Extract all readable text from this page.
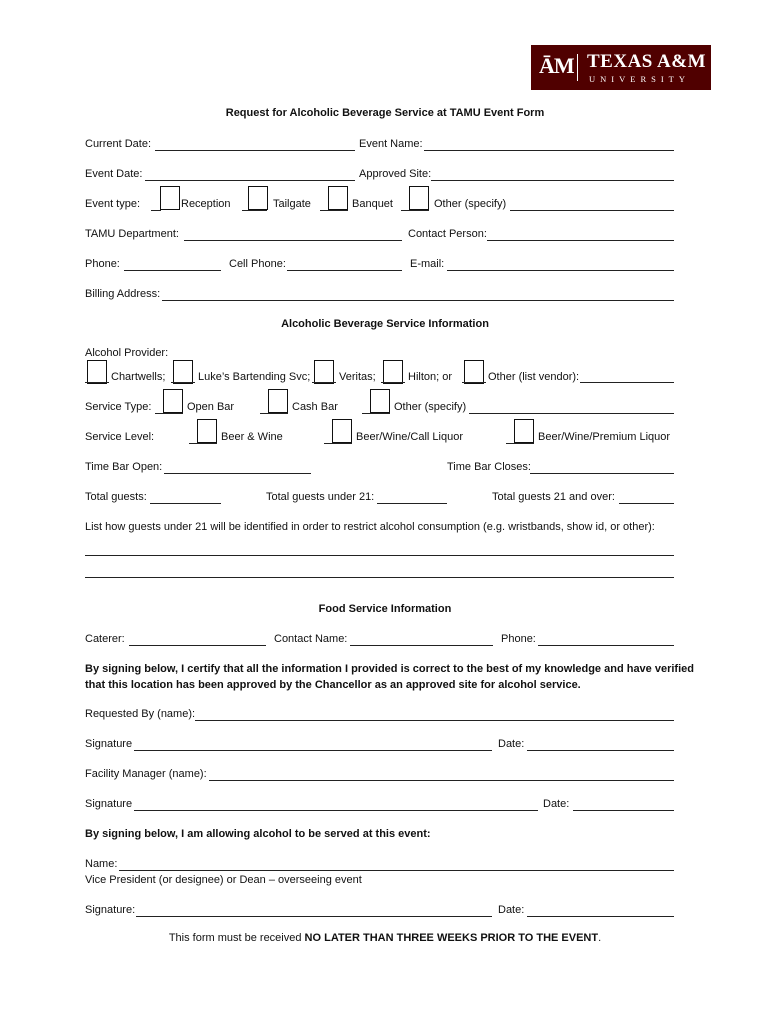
ĀM TEXAS A&M
UNIVERSITY
Request for Alcoholic Beverage Service at TAMU Event Form
Current Date:	Event Name:
Event Date:	Approved Site:
Event type:	Reception	Tailgate	Banquet	Other (specify)
TAMU Department:	Contact Person:
Phone:	Cell Phone:	E-mail:
Billing Address:
Alcoholic Beverage Service Information
Alcohol Provider:
Chartwells;	Luke’s Bartending Svc;	Veritas;	Hilton; or	Other (list vendor):
Service Type:	Open Bar	Cash Bar	Other (specify)
Service Level:	Beer & Wine	Beer/Wine/Call Liquor	Beer/Wine/Premium Liquor
Time Bar Open:	Time Bar Closes:
Total guests:	Total guests under 21:	Total guests 21 and over:
List how guests under 21 will be identified in order to restrict alcohol consumption (e.g. wristbands, show id, or other):
Food Service Information
Caterer:	Contact Name:	Phone:
By signing below, I certify that all the information I provided is correct to the best of my knowledge and have verified
that this location has been approved by the Chancellor as an approved site for alcohol service.
Requested By (name):
Signature	Date:
Facility Manager (name):
Signature	Date:
By signing below, I am allowing alcohol to be served at this event:
Name:
Vice President (or designee) or Dean – overseeing event
Signature:	Date:
This form must be received NO LATER THAN THREE WEEKS PRIOR TO THE EVENT.
